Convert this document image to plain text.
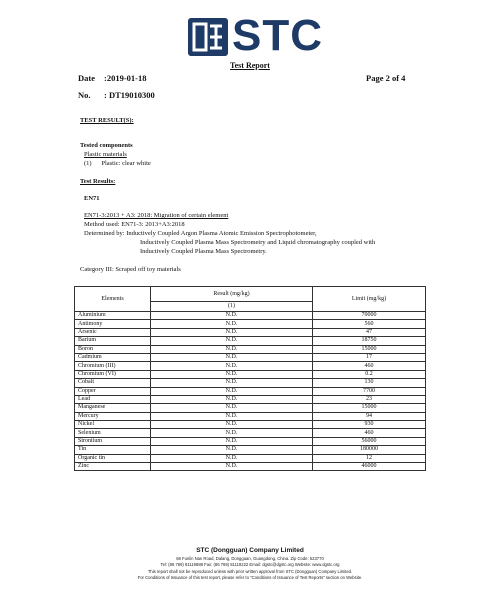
STC
Test Report
Date :2019-01-18	Page 2 of 4
No. : DT19010300
TEST RESULT(S):
Tested components
Plastic materials
(1)      Plastic: clear white
Test Results:
EN71
EN71-3:2013 + A3: 2018: Migration of certain element
Method used: EN71-3: 2013+A3:2018
Determined by: Inductively Coupled Argon Plasma Atomic Emission Spectrophotometer,
Inductively Coupled Plasma Mass Spectrometry and Liquid chromatography coupled with
Inductively Coupled Plasma Mass Spectrometry.
Category III: Scraped off toy materials
Elements	Result (mg/kg)	Limit (mg/kg)
	(1)	
Aluminium	N.D.	70000
Antimony	N.D.	560
Arsenic	N.D.	47
Barium	N.D.	18750
Boron	N.D.	15000
Cadmium	N.D.	17
Chromium (III)	N.D.	460
Chromium (VI)	N.D.	0.2
Cobalt	N.D.	130
Copper	N.D.	7700
Lead	N.D.	23
Manganese	N.D.	15000
Mercury	N.D.	94
Nickel	N.D.	930
Selenium	N.D.	460
Strontium	N.D.	56000
Tin	N.D.	180000
Organic tin	N.D.	12
Zinc	N.D.	46000
STC (Dongguan) Company Limited
68 Funlin Nan Road, Dalang, Dongguan, Guangdong, China. Zip Code: 523770
Tel: (86 769) 81119888 Fax: (86 769) 81119222 Email: dgstc@dgstc.org Website: www.dgstc.org
This report shall not be reproduced unless with prior written approval from STC (Dongguan) Company Limited.
For Conditions of Issuance of this test report, please refer to "Conditions of Issuance of Test Reports" section on Website.
